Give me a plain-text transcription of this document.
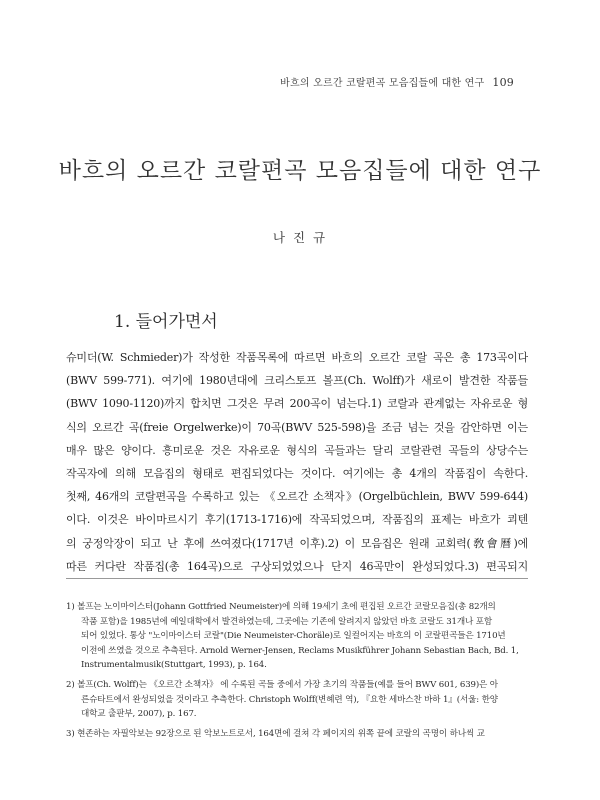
바흐의 오르간 코랄편곡 모음집들에 대한 연구 109
바흐의 오르간 코랄편곡 모음집들에 대한 연구
나 진 규
1. 들어가면서
슈미더(W. Schmieder)가 작성한 작품목록에 따르면 바흐의 오르간 코랄 곡은 총 173곡이다
(BWV 599-771). 여기에 1980년대에 크리스토프 볼프(Ch. Wolff)가 새로이 발견한 작품들
(BWV 1090-1120)까지 합치면 그것은 무려 200곡이 넘는다.1) 코랄과 관계없는 자유로운 형
식의 오르간 곡(freie Orgelwerke)이 70곡(BWV 525-598)을 조금 넘는 것을 감안하면 이는
매우 많은 양이다. 흥미로운 것은 자유로운 형식의 곡들과는 달리 코랄관련 곡들의 상당수는
작곡자에 의해 모음집의 형태로 편집되었다는 것이다. 여기에는 총 4개의 작품집이 속한다.
첫째, 46개의 코랄편곡을 수록하고 있는 《오르간 소책자》(Orgelbüchlein, BWV 599-644)
이다. 이것은 바이마르시기 후기(1713-1716)에 작곡되었으며, 작품집의 표제는 바흐가 쾨텐
의 궁정악장이 되고 난 후에 쓰여졌다(1717년 이후).2) 이 모음집은 원래 교회력(敎會曆)에
따른 커다란 작품집(총 164곡)으로 구상되었었으나 단지 46곡만이 완성되었다.3) 편곡되지
1) 볼프는 노이마이스터(Johann Gottfried Neumeister)에 의해 19세기 초에 편집된 오르간 코랄모음집(총 82개의
작품 포함)을 1985년에 예일대학에서 발견하였는데, 그곳에는 기존에 알려지지 않았던 바흐 코랄도 31개나 포함
되어 있었다. 통상 "노이마이스터 코랄"(Die Neumeister-Choräle)로 일컬어지는 바흐의 이 코랄편곡들은 1710년
이전에 쓰였을 것으로 추측된다. Arnold Werner-Jensen, Reclams Musikführer Johann Sebastian Bach, Bd. 1,
Instrumentalmusik(Stuttgart, 1993), p. 164.
2) 볼프(Ch. Wolff)는 《오르간 소책자》 에 수록된 곡들 중에서 가장 초기의 작품들(예를 들어 BWV 601, 639)은 아
른슈타트에서 완성되었을 것이라고 추측한다. Christoph Wolff(변혜련 역), 『요한 세바스찬 바하 1』(서울: 한양
대학교 출판부, 2007), p. 167.
3) 현존하는 자필악보는 92장으로 된 악보노트로서, 164면에 걸쳐 각 페이지의 위쪽 끝에 코랄의 곡명이 하나씩 교
